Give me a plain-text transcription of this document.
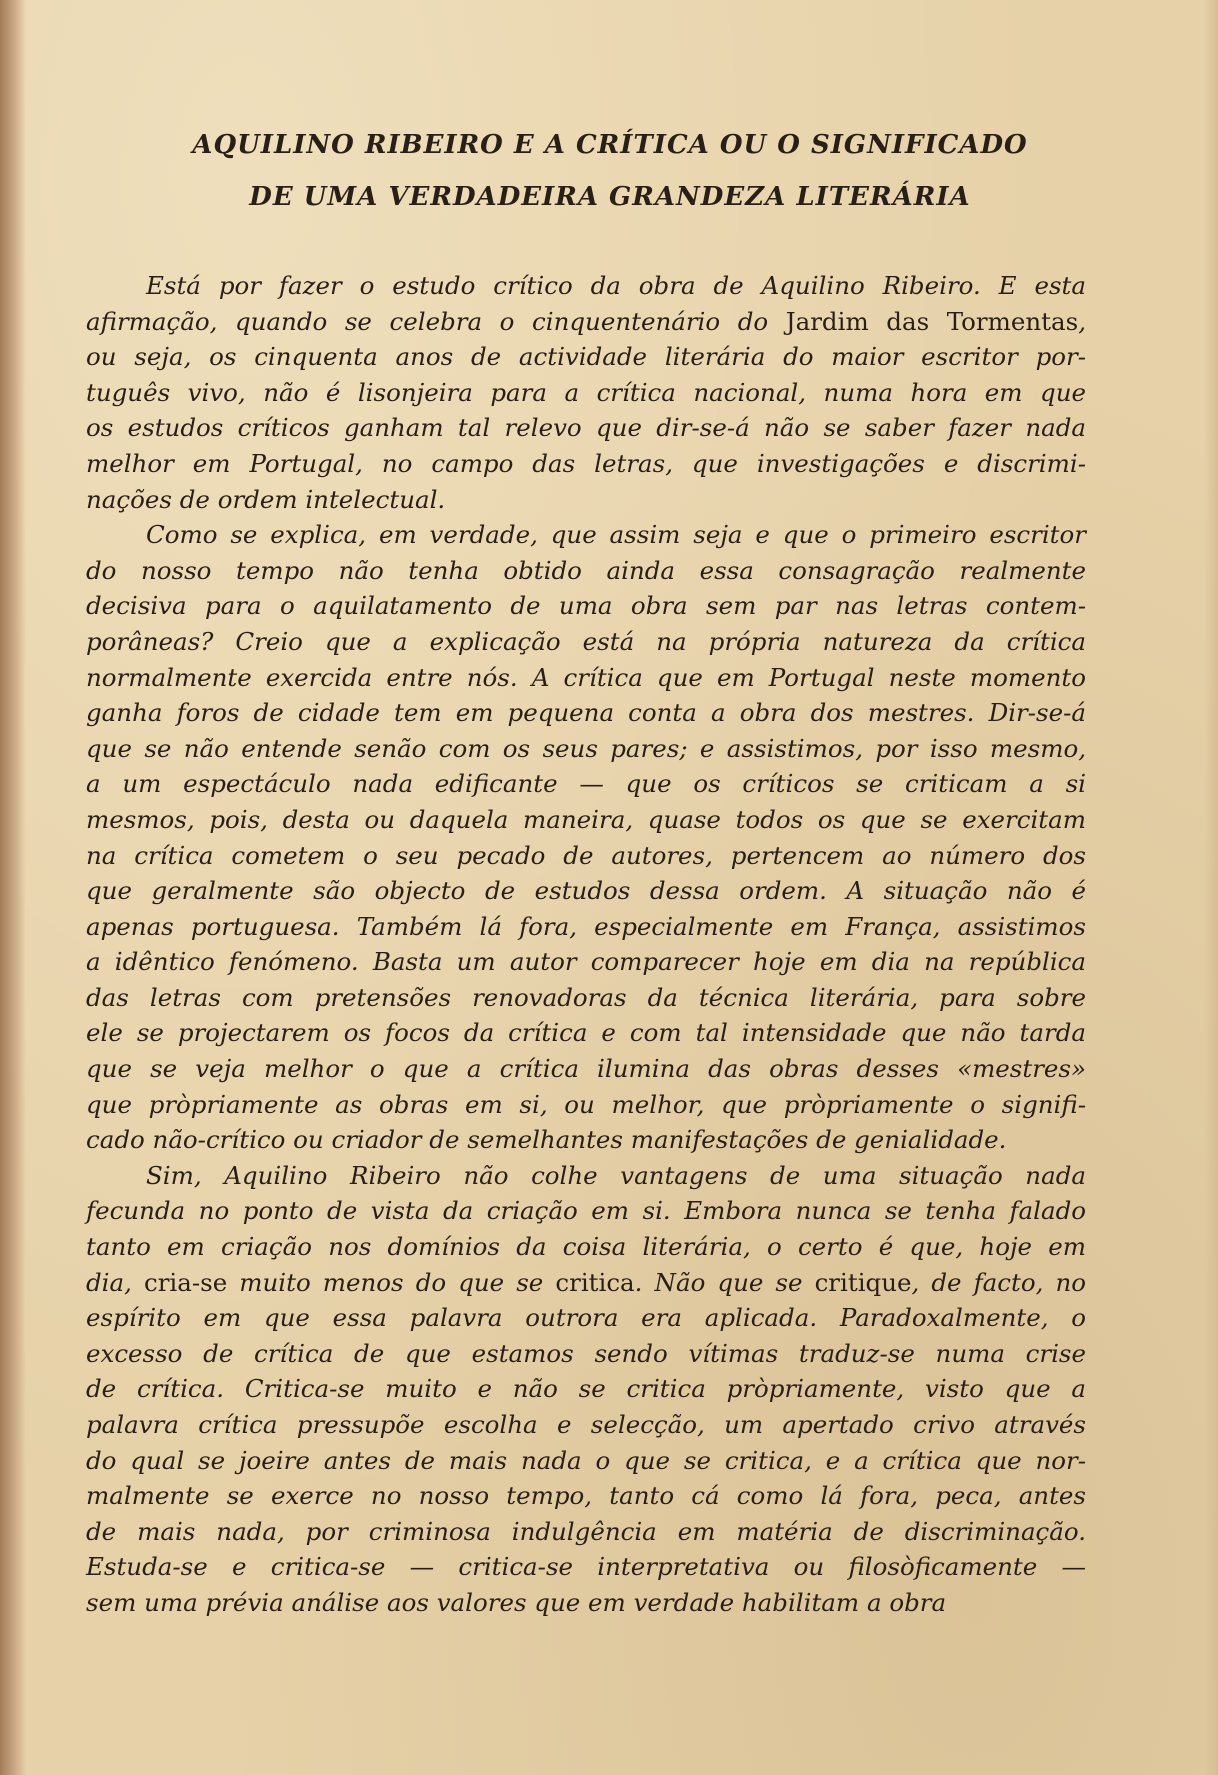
AQUILINO RIBEIRO E A CRÍTICA OU O SIGNIFICADO
DE UMA VERDADEIRA GRANDEZA LITERÁRIA
Está por fazer o estudo crítico da obra de Aquilino Ribeiro. E esta
afirmação, quando se celebra o cinquentenário do Jardim das Tormentas,
ou seja, os cinquenta anos de actividade literária do maior escritor por-
tuguês vivo, não é lisonjeira para a crítica nacional, numa hora em que
os estudos críticos ganham tal relevo que dir-se-á não se saber fazer nada
melhor em Portugal, no campo das letras, que investigações e discrimi-
nações de ordem intelectual.
Como se explica, em verdade, que assim seja e que o primeiro escritor
do nosso tempo não tenha obtido ainda essa consagração realmente
decisiva para o aquilatamento de uma obra sem par nas letras contem-
porâneas? Creio que a explicação está na própria natureza da crítica
normalmente exercida entre nós. A crítica que em Portugal neste momento
ganha foros de cidade tem em pequena conta a obra dos mestres. Dir-se-á
que se não entende senão com os seus pares; e assistimos, por isso mesmo,
a um espectáculo nada edificante — que os críticos se criticam a si
mesmos, pois, desta ou daquela maneira, quase todos os que se exercitam
na crítica cometem o seu pecado de autores, pertencem ao número dos
que geralmente são objecto de estudos dessa ordem. A situação não é
apenas portuguesa. Também lá fora, especialmente em França, assistimos
a idêntico fenómeno. Basta um autor comparecer hoje em dia na república
das letras com pretensões renovadoras da técnica literária, para sobre
ele se projectarem os focos da crítica e com tal intensidade que não tarda
que se veja melhor o que a crítica ilumina das obras desses «mestres»
que pròpriamente as obras em si, ou melhor, que pròpriamente o signifi-
cado não-crítico ou criador de semelhantes manifestações de genialidade.
Sim, Aquilino Ribeiro não colhe vantagens de uma situação nada
fecunda no ponto de vista da criação em si. Embora nunca se tenha falado
tanto em criação nos domínios da coisa literária, o certo é que, hoje em
dia, cria-se muito menos do que se critica. Não que se critique, de facto, no
espírito em que essa palavra outrora era aplicada. Paradoxalmente, o
excesso de crítica de que estamos sendo vítimas traduz-se numa crise
de crítica. Critica-se muito e não se critica pròpriamente, visto que a
palavra crítica pressupõe escolha e selecção, um apertado crivo através
do qual se joeire antes de mais nada o que se critica, e a crítica que nor-
malmente se exerce no nosso tempo, tanto cá como lá fora, peca, antes
de mais nada, por criminosa indulgência em matéria de discriminação.
Estuda-se e critica-se — critica-se interpretativa ou filosòficamente —
sem uma prévia análise aos valores que em verdade habilitam a obra
